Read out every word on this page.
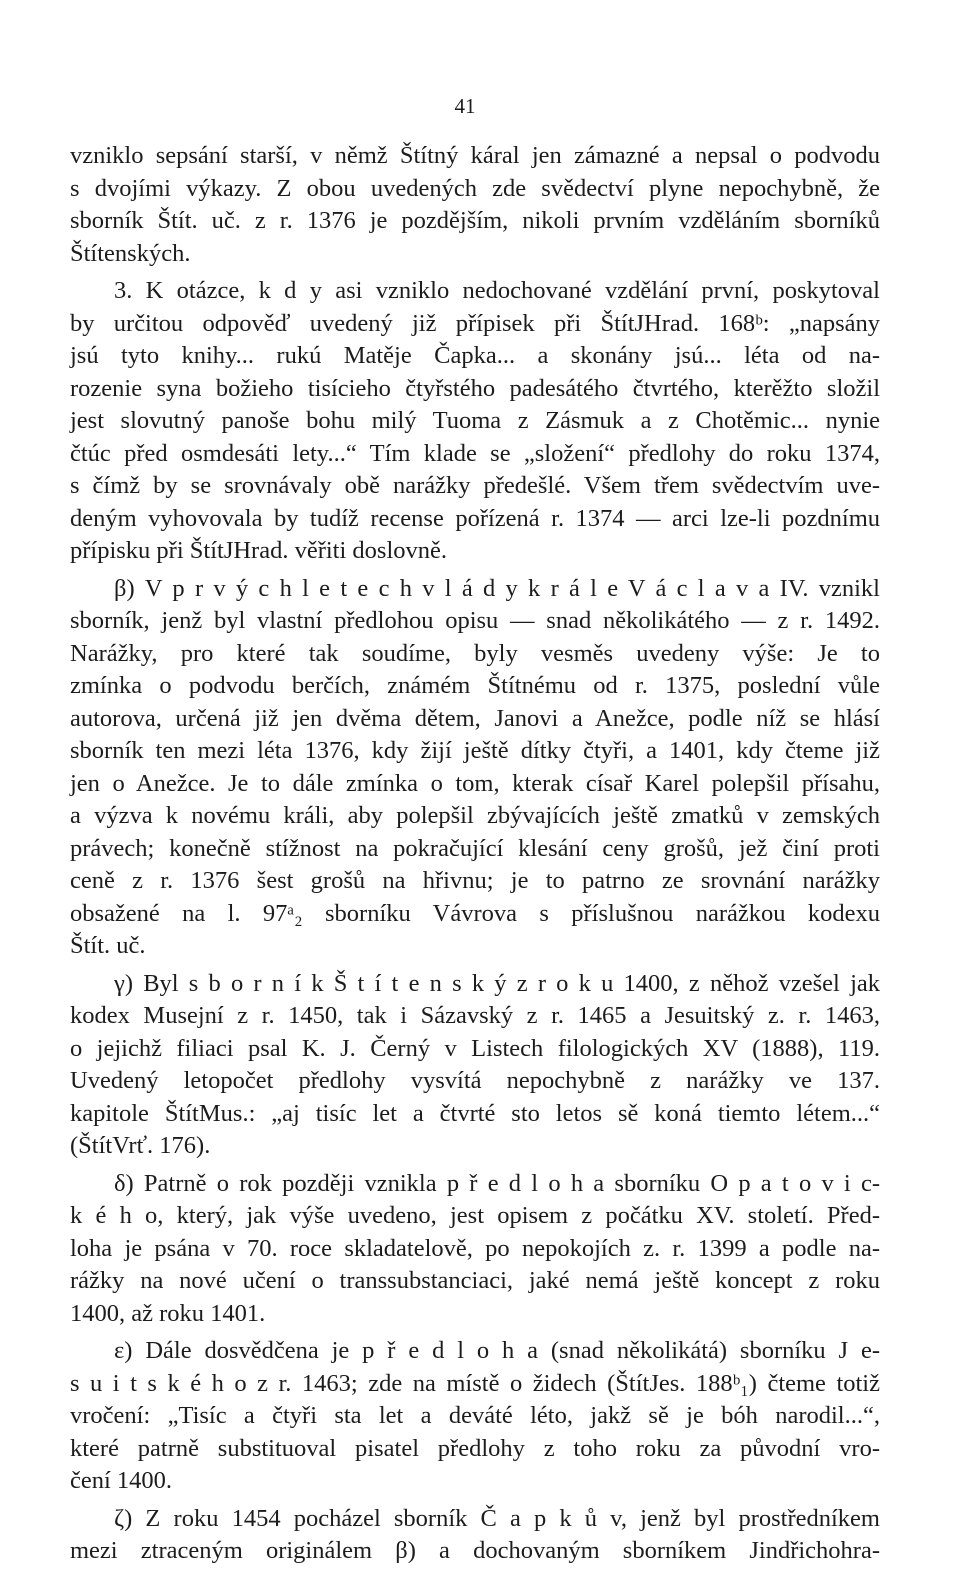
41
vzniklo sepsání starší, v němž Štítný káral jen zámazné a nepsal o podvodu
s dvojími výkazy. Z obou uvedených zde svědectví plyne nepochybně, že
sborník Štít. uč. z r. 1376 je pozdějším, nikoli prvním vzděláním sborníků
Štítenských.
3. K otázce, k d y asi vzniklo nedochované vzdělání první, poskytoval
by určitou odpověď uvedený již přípisek při ŠtítJHrad. 168ᵇ: „napsány
jsú tyto knihy... rukú Matěje Čapka... a skonány jsú... léta od na-
rozenie syna božieho tisícieho čtyřstého padesátého čtvrtého, kterěžto složil
jest slovutný panoše bohu milý Tuoma z Zásmuk a z Chotěmic... nynie
čtúc před osmdesáti lety...“ Tím klade se „složení“ předlohy do roku 1374,
s čímž by se srovnávaly obě narážky předešlé. Všem třem svědectvím uve-
deným vyhovovala by tudíž recense pořízená r. 1374 — arci lze-li pozdnímu
přípisku při ŠtítJHrad. věřiti doslovně.
β) V p r v ý c h l e t e c h v l á d y k r á l e V á c l a v a IV. vznikl
sborník, jenž byl vlastní předlohou opisu — snad několikátého — z r. 1492.
Narážky, pro které tak soudíme, byly vesměs uvedeny výše: Je to
zmínka o podvodu berčích, známém Štítnému od r. 1375, poslední vůle
autorova, určená již jen dvěma dětem, Janovi a Anežce, podle níž se hlásí
sborník ten mezi léta 1376, kdy žijí ještě dítky čtyři, a 1401, kdy čteme již
jen o Anežce. Je to dále zmínka o tom, kterak císař Karel polepšil přísahu,
a výzva k novému králi, aby polepšil zbývajících ještě zmatků v zemských
právech; konečně stížnost na pokračující klesání ceny grošů, jež činí proti
ceně z r. 1376 šest grošů na hřivnu; je to patrno ze srovnání narážky
obsažené na l. 97ᵃ₂ sborníku Vávrova s příslušnou narážkou kodexu
Štít. uč.
γ) Byl s b o r n í k Š t í t e n s k ý z r o k u 1400, z něhož vzešel jak
kodex Musejní z r. 1450, tak i Sázavský z r. 1465 a Jesuitský z. r. 1463,
o jejichž filiaci psal K. J. Černý v Listech filologických XV (1888), 119.
Uvedený letopočet předlohy vysvítá nepochybně z narážky ve 137.
kapitole ŠtítMus.: „aj tisíc let a čtvrté sto letos sě koná tiemto létem...“
(ŠtítVrť. 176).
δ) Patrně o rok později vznikla p ř e d l o h a sborníku O p a t o v i c-
k é h o, který, jak výše uvedeno, jest opisem z počátku XV. století. Před-
loha je psána v 70. roce skladatelově, po nepokojích z. r. 1399 a podle na-
rážky na nové učení o transsubstanciaci, jaké nemá ještě koncept z roku
1400, až roku 1401.
ε) Dále dosvědčena je p ř e d l o h a (snad několikátá) sborníku J e-
s u i t s k é h o z r. 1463; zde na místě o židech (ŠtítJes. 188ᵇ₁) čteme totiž
vročení: „Tisíc a čtyři sta let a deváté léto, jakž sě je bóh narodil...“,
které patrně substituoval pisatel předlohy z toho roku za původní vro-
čení 1400.
ζ) Z roku 1454 pocházel sborník Č a p k ů v, jenž byl prostředníkem
mezi ztraceným originálem β) a dochovaným sborníkem Jindřichohra-
